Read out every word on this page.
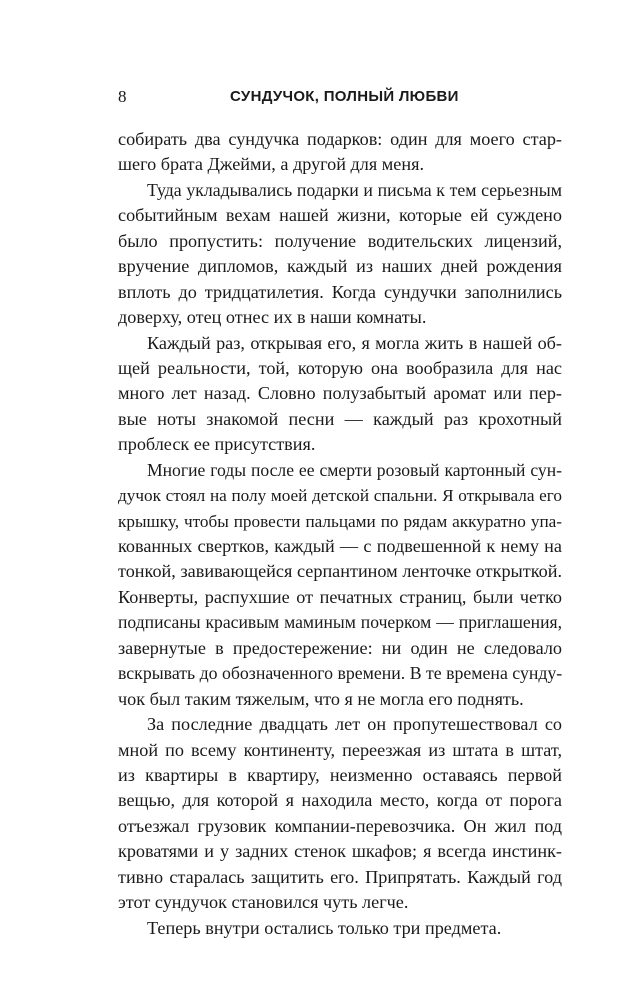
8	СУНДУЧОК, ПОЛНЫЙ ЛЮБВИ
собирать два сундучка подарков: один для моего стар-
шего брата Джейми, а другой для меня.
Туда укладывались подарки и письма к тем серьезным
событийным вехам нашей жизни, которые ей суждено
было пропустить: получение водительских лицензий,
вручение дипломов, каждый из наших дней рождения
вплоть до тридцатилетия. Когда сундучки заполнились
доверху, отец отнес их в наши комнаты.
Каждый раз, открывая его, я могла жить в нашей об-
щей реальности, той, которую она вообразила для нас
много лет назад. Словно полузабытый аромат или пер-
вые ноты знакомой песни — каждый раз крохотный
проблеск ее присутствия.
Многие годы после ее смерти розовый картонный сун-
дучок стоял на полу моей детской спальни. Я открывала его
крышку, чтобы провести пальцами по рядам аккуратно упа-
кованных свертков, каждый — с подвешенной к нему на
тонкой, завивающейся серпантином ленточке открыткой.
Конверты, распухшие от печатных страниц, были четко
подписаны красивым маминым почерком — приглашения,
завернутые в предостережение: ни один не следовало
вскрывать до обозначенного времени. В те времена сунду-
чок был таким тяжелым, что я не могла его поднять.
За последние двадцать лет он пропутешествовал со
мной по всему континенту, переезжая из штата в штат,
из квартиры в квартиру, неизменно оставаясь первой
вещью, для которой я находила место, когда от порога
отъезжал грузовик компании-перевозчика. Он жил под
кроватями и у задних стенок шкафов; я всегда инстинк-
тивно старалась защитить его. Припрятать. Каждый год
этот сундучок становился чуть легче.
Теперь внутри остались только три предмета.
